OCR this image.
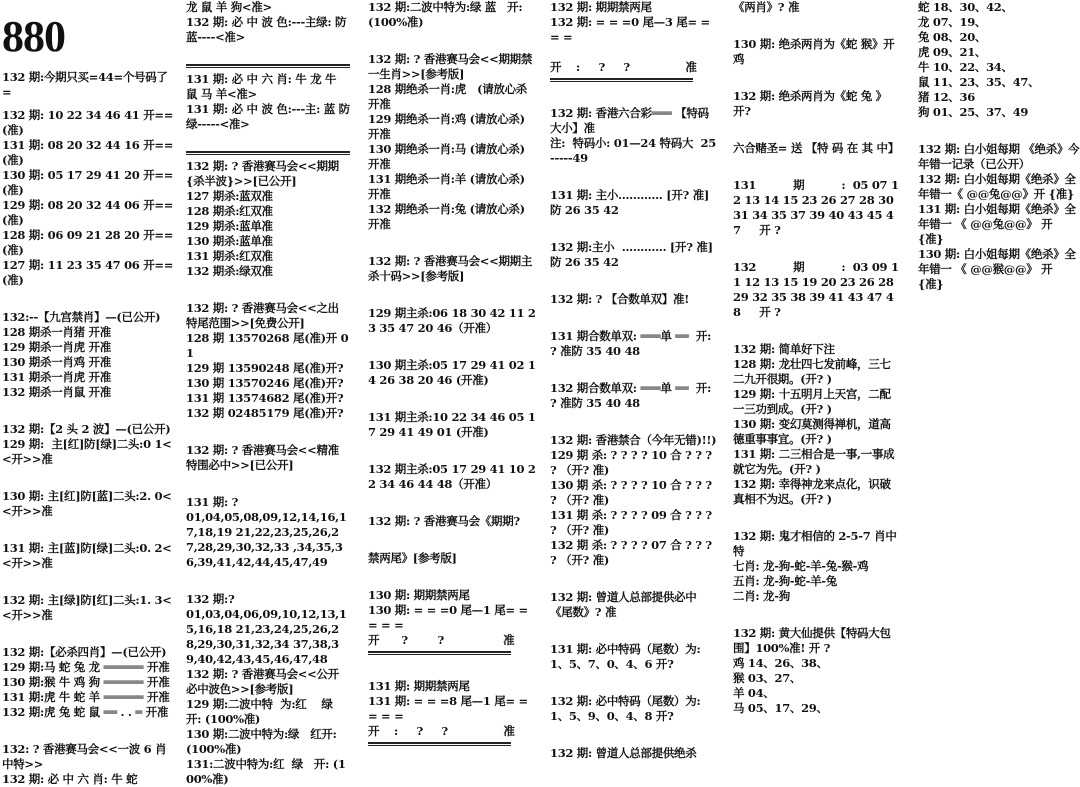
880
132 期:今期只买=44=个号码了=
132 期: 10 22 34 46 41 开==(准)
131 期: 08 20 32 44 16 开==(准)
130 期: 05 17 29 41 20 开==(准)
129 期: 08 20 32 44 06 开==(准)
128 期: 06 09 21 28 20 开==(准)
127 期: 11 23 35 47 06 开==(准)
132:--【九宫禁肖】—(已公开)
128 期杀一肖猪 开准
129 期杀一肖虎 开准
130 期杀一肖鸡 开准
131 期杀一肖虎 开准
132 期杀一肖鼠 开准
132 期:【2 头 2 波】—(已公开)
129 期:  主[红]防[绿]二头:0 1<<开>>准
130 期: 主[红]防[蓝]二头:2. 0<<开>>准
131 期: 主[蓝]防[绿]二头:0. 2<<开>>准
132 期: 主[绿]防[红]二头:1. 3<<开>>准
132 期:【必杀四肖】—(已公开)
129 期:马 蛇 兔 龙 ══════ 开准
130 期:猴 牛 鸡 狗 ══════ 开准
131 期:虎 牛 蛇 羊 ══════ 开准
132 期:虎 兔 蛇 鼠 ══ . . ═ 开准
132: ? 香港赛马会<<一波 6 肖中特>>
132 期: 必 中 六 肖: 牛 蛇
龙 鼠 羊 狗<准>
132 期: 必 中 波 色:---主绿: 防蓝----<准>
131 期: 必 中 六 肖: 牛 龙 牛 鼠 马 羊<准>
131 期: 必 中 波 色:---主: 蓝 防绿-----<准>
132 期: ? 香港赛马会<<期期{杀半波}>>[已公开]
127 期杀:蓝双准
128 期杀:红双准
129 期杀:蓝单准
130 期杀:蓝单准
131 期杀:红双准
132 期杀:绿双准
132 期: ? 香港赛马会<<之出特尾范围>>[免费公开]
128 期 13570268 尾(准)开 01
129 期 13590248 尾(准)开?
130 期 13570246 尾(准)开?
131 期 13574682 尾(准)开?
132 期 02485179 尾(准)开?
132 期: ? 香港赛马会<<精准特围必中>>[已公开]
131 期: ?
01,04,05,08,09,12,14,16,17,18,19 21,22,23,25,26,27,28,29,30,32,33 ,34,35,36,39,41,42,44,45,47,49
132 期:?
01,03,04,06,09,10,12,13,15,16,18 21,23,24,25,26,28,29,30,31,32,34 37,38,39,40,42,43,45,46,47,48
132 期: ? 香港赛马会<<公开必中波色>>[参考版]
129 期:二波中特  为:红    绿 开: (100%准)
130 期:二波中特为:绿   红开: (100%准)
131:二波中特为:红  绿   开: (100%准)
132 期:二波中特为:绿 蓝   开: (100%准)
132 期: ? 香港赛马会<<期期禁一生肖>>[参考版]
128 期绝杀一肖:虎   (请放心杀 开准
129 期绝杀一肖:鸡 (请放心杀) 开准
130 期绝杀一肖:马 (请放心杀) 开准
131 期绝杀一肖:羊 (请放心杀) 开准
132 期绝杀一肖:兔 (请放心杀) 开准
132 期: ? 香港赛马会<<期期主杀十码>>[参考版]
129 期主杀:06 18 30 42 11 23 35 47 20 46（开准）
130 期主杀:05 17 29 41 02 14 26 38 20 46 (开准)
131 期主杀:10 22 34 46 05 17 29 41 49 01 (开准)
132 期主杀:05 17 29 41 10 22 34 46 44 48（开准）
132 期: ? 香港赛马会《期期?
禁两尾》[参考版]
130 期: 期期禁两尾
130 期: = = =0 尾—1 尾= = = = =
开      ?        ?                准
131 期: 期期禁两尾
131 期: = = =8 尾—1 尾= = = = =
开    :     ?     ?               准
132 期: 期期禁两尾
132 期: = = =0 尾—3 尾= = = =
开    :     ?     ?               准
132 期: 香港六合彩═══ 【特码大小】准
注:  特码小: 01—24 特码大  25-----49
131 期: 主小............ [开? 准] 防 26 35 42
132 期:主小  ............ [开? 准]  防 26 35 42
132 期: ? 【合数单双】准!
131 期合数单双: ═══单 ══  开: ? 准防 35 40 48
132 期合数单双: ═══单 ══  开: ? 准防 35 40 48
132 期: 香港禁合（今年无错)!!)
129 期 杀: ? ? ? ? 10 合 ? ? ? ? （开? 准)
130 期 杀: ? ? ? ? 10 合 ? ? ? ? （开? 准)
131 期 杀: ? ? ? ? 09 合 ? ? ? ? （开? 准)
132 期 杀: ? ? ? ? 07 合 ? ? ? ? （开? 准)
132 期: 曾道人总部提供必中《尾数》? 准
131 期: 必中特码（尾数）为: 1、5、7、0、4、6 开?
132 期: 必中特码（尾数）为: 1、5、9、0、4、8 开?
132 期: 曾道人总部提供绝杀
《两肖》? 准
130 期: 绝杀两肖为《蛇 猴》开鸡
132 期: 绝杀两肖为《蛇 兔 》开?
六合赌圣= 送 【特 码 在 其 中】
131          期          :  05 07 12 13 14 15 23 26 27 28 30  31 34 35 37 39 40 43 45 47     开 ?
132          期          :  03 09 11 12 13 15 19 20 23 26 28  29 32 35 38 39 41 43 47 48     开 ?
132 期: 简单好下注
128 期: 龙壮四七发前峰，三七二九开很期。(开? )
129 期: 十五明月上天宫，二配一三功到成。(开? )
130 期: 变幻莫测得禅机，道高德重事事宜。(开? )
131 期: 二三相合是一事,一事成就它为先。(开? )
132 期: 幸得神龙来点化，识破真相不为迟。(开? )
132 期: 鬼才相信的 2-5-7 肖中特
七肖: 龙-狗-蛇-羊-兔-猴-鸡
五肖: 龙-狗-蛇-羊-兔
二肖: 龙-狗
132 期: 黄大仙提供【特码大包围】100%准! 开 ?
鸡 14、26、38、
猴 03、27、
羊 04、
马 05、17、29、
蛇 18、30、42、
龙 07、19、
兔 08、20、
虎 09、21、
牛 10、22、34、
鼠 11、23、35、47、
猪 12、36
狗 01、25、37、49
132 期: 白小姐每期 《绝杀》今年错一记录（已公开）
132 期: 白小姐每期《绝杀》全年错一《 @@兔@@》开 {准}
131 期: 白小姐每期《绝杀》全年错一 《 @@兔@@》 开 {准}
130 期: 白小姐每期《绝杀》全年错一 《 @@猴@@》 开 {准}
